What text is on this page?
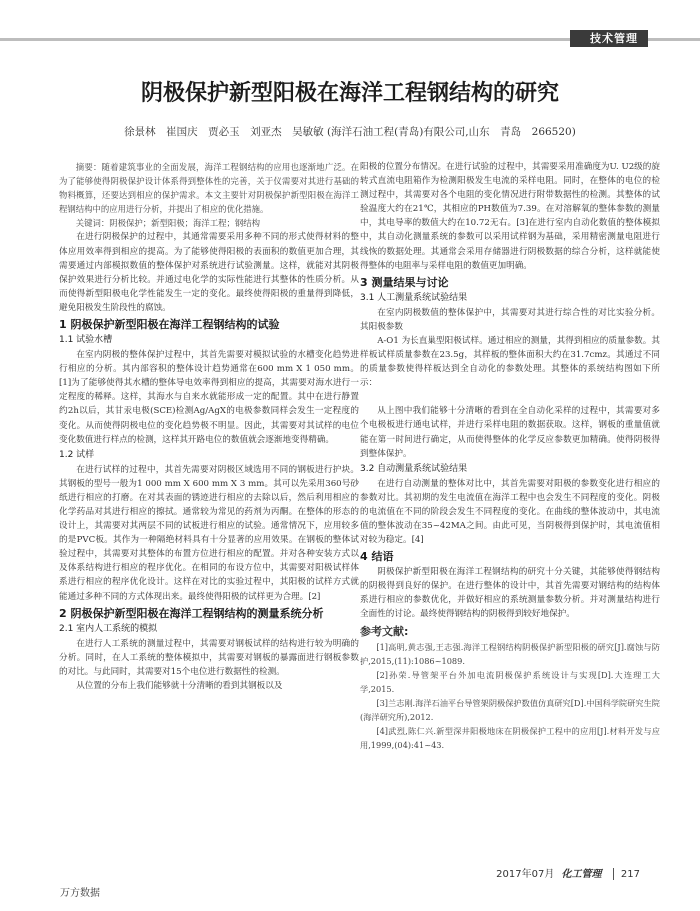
技术管理
阴极保护新型阳极在海洋工程钢结构的研究
徐景林　崔国庆　贾必玉　刘亚杰　吴敏敏 (海洋石油工程(青岛)有限公司,山东　青岛　266520)

摘要：随着建筑事业的全面发展，海洋工程钢结构的应用也逐渐地广泛。在为了能够使得阴极保护设计体系得到整体性的完善，关于仪需要对其进行基础的物料概算，还要达到相应的保护需求。本文主要针对阴极保护新型阳极在海洋工程钢结构中的应用进行分析，并提出了相应的优化措施。

关键词：阴极保护；新型阳极；海洋工程；钢结构

在进行阴极保护的过程中，其通常需要采用多种不同的形式使得材料的整体应用效率得到相应的提高。为了能够使得阳极的表面积的数值更加合理，其需要通过内部模拟数值的整体保护对系统进行试验测量。这样，就能对其阴极保护效果进行分析比较。并通过电化学的实际性能进行其整体的性质分析。从而使得新型阳极电化学性能发生一定的变化。最终使得阳极的重量得到降低，避免阳极发生阶段性的腐蚀。

1 阴极保护新型阳极在海洋工程钢结构的试验
1.1 试验水槽

在室内阴极的整体保护过程中，其首先需要对模拟试验的水槽变化趋势进行相应的分析。其内部容积的整体设计趋势通常在600 mm X 1 050 mm。[1]为了能够使得其水槽的整体导电效率得到相应的提高，其需要对海水进行一定程度的稀释。这样，其海水与自来水就能形成一定的配置。其中在进行静置约2h以后，其甘汞电极(SCE)检测Ag/AgX的电极参数同样会发生一定程度的变化。从而使得阴极电位的变化趋势极不明显。因此，其需要对其试样的电位变化数值进行样点的检测，这样其开路电位的数值就会逐渐地变得精确。

1.2 试样

在进行试样的过程中，其首先需要对阴极区域选用不同的钢板进行护块。其钢板的型号一般为1 000 mm X 600 mm X 3 mm。其可以先采用360号砂纸进行相应的打磨。在对其表面的锈迹进行相应的去除以后，然后利用相应的化学药品对其进行相应的擦拭。通常较为常见的药剂为丙酮。在整体的形态的设计上，其需要对其两层不同的试板进行相应的试验。通常情况下，应用较多的是PVC板。其作为一种隔绝材料具有十分显著的应用效果。在钢板的整体试验过程中，其需要对其整体的布置方位进行相应的配置。并对各种安装方式以及体系结构进行相应的程序优化。在相同的布设方位中，其需要对阳极试样体系进行相应的程序优化设计。这样在对比的实验过程中，其阳极的试样方式就能通过多种不同的方式体现出来。最终使得阳极的试样更为合理。[2]

2 阴极保护新型阳极在海洋工程钢结构的测量系统分析
2.1 室内人工系统的模拟

在进行人工系统的测量过程中，其需要对钢板试样的结构进行较为明确的分析。同时，在人工系统的整体模拟中，其需要对钢板的暴露面进行钢板参数的对比。与此同时，其需要对15个电位进行数据性的检测。

从位置的分布上我们能够就十分清晰的看到其钢板以及

阳极的位置分布情况。在进行试验的过程中，其需要采用准确度为U. U2级的旋转式直流电阻箱作为检测阳极发生电流的采样电阻。同时，在整体的电位的检测过程中，其需要对各个电阻的变化情况进行附带数据性的检测。其整体的试验温度大约在21℃，其相应的PH数值为7.39。在对溶解氧的整体参数的测量中，其电导率的数值大约在10.72无右。[3]在进行室内自动化数值的整体模拟中，其自动化测量系统的参数可以采用试样钢为基础，采用精密测量电阻进行线恢的数据处理。其通常会采用存储器进行阴极数据的综合分析，这样就能使得整体的电阻率与采样电阻的数值更加明确。

3 测量结果与讨论
3.1 人工测量系统试验结果

在室内阴极数值的整体保护中，其需要对其进行综合性的对比实验分析。其阳极参数

A-O1 为长直巢型阳极试样。通过相应的测量，其得到相应的质量参数。其样板试样质量参数在23.5g，其样板的整体面积大约在31.7cmz。其通过不同的质量参数使得样板达到全自动化的参数处理。其整体的系统结构图如下所示：

从上图中我们能够十分清晰的看到在全自动化采样的过程中，其需要对多个电极板进行通电试样，并进行采样电阻的数据获取。这样，钢板的重量值就能在第一时间进行确定，从而使得整体的化学反应参数更加精确。使得阴极得到整体保护。

3.2 自动测量系统试验结果

在进行自动测量的整体对比中，其首先需要对阳极的参数变化进行相应的参数对比。其初期的发生电流值在海洋工程中也会发生不同程度的变化。阴极的电流值在不同的阶段会发生不同程度的变化。在曲线的整体波动中，其电流值的整体波动在35~42MA之间。由此可见，当阴极得到保护时，其电流值相对较为稳定。[4]

4 结语

阴极保护新型阳极在海洋工程钢结构的研究十分关键，其能够使得钢结构的阴极得到良好的保护。在进行整体的设计中，其首先需要对钢结构的结构体系进行相应的参数优化，并做好相应的系统测量参数分析。并对测量结构进行全面性的讨论。最终使得钢结构的阴极得到较好地保护。

参考文献:

[1]高明,黄志强,王志强.海洋工程钢结构阴极保护新型阳极的研究[J].腐蚀与防护,2015,(11):1086~1089.

[2]孙荣.导管架平台外加电流阴极保护系统设计与实现[D].大连理工大学,2015.

[3]兰志刚.海洋石油平台导管架阴极保护数值仿真研究[D].中国科学院研究生院(海洋研究所),2012.

[4]武烈,陈仁兴.新型深井阳极地床在阴极保护工程中的应用[J].材料开发与应用,1999,(04):41~43.

2017年07月 化工管理 217
万方数据
